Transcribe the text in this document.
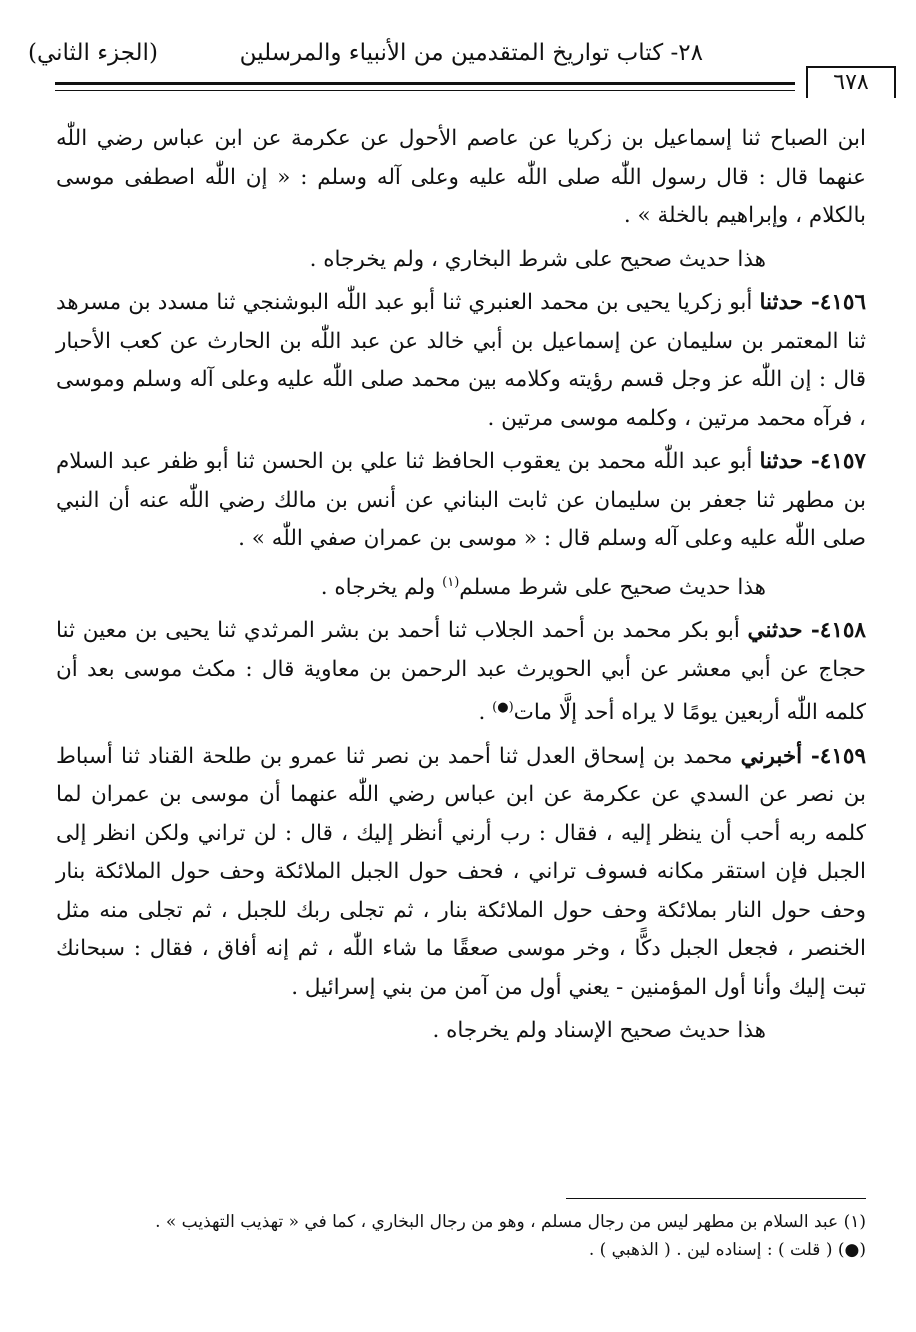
٢٨- كتاب تواريخ المتقدمين من الأنبياء والمرسلين
(الجزء الثاني)
٦٧٨

ابن الصباح ثنا إسماعيل بن زكريا عن عاصم الأحول عن عكرمة عن ابن عباس رضي اللّٰه عنهما قال : قال رسول اللّٰه صلى اللّٰه عليه وعلى آله وسلم : « إن اللّٰه اصطفى موسى بالكلام ، وإبراهيم بالخلة » .

هذا حديث صحيح على شرط البخاري ، ولم يخرجاه .

٤١٥٦- حدثنا أبو زكريا يحيى بن محمد العنبري ثنا أبو عبد اللّٰه البوشنجي ثنا مسدد بن مسرهد ثنا المعتمر بن سليمان عن إسماعيل بن أبي خالد عن عبد اللّٰه بن الحارث عن كعب الأحبار قال : إن اللّٰه عز وجل قسم رؤيته وكلامه بين محمد صلى اللّٰه عليه وعلى آله وسلم وموسى ، فرآه محمد مرتين ، وكلمه موسى مرتين .

٤١٥٧- حدثنا أبو عبد اللّٰه محمد بن يعقوب الحافظ ثنا علي بن الحسن ثنا أبو ظفر عبد السلام بن مطهر ثنا جعفر بن سليمان عن ثابت البناني عن أنس بن مالك رضي اللّٰه عنه أن النبي صلى اللّٰه عليه وعلى آله وسلم قال : « موسى بن عمران صفي اللّٰه » .

هذا حديث صحيح على شرط مسلم$^{(١)}$ ولم يخرجاه .

٤١٥٨- حدثني أبو بكر محمد بن أحمد الجلاب ثنا أحمد بن بشر المرثدي ثنا يحيى بن معين ثنا حجاج عن أبي معشر عن أبي الحويرث عبد الرحمن بن معاوية قال : مكث موسى بعد أن كلمه اللّٰه أربعين يومًا لا يراه أحد إلَّا مات(●) .

٤١٥٩- أخبرني محمد بن إسحاق العدل ثنا أحمد بن نصر ثنا عمرو بن طلحة القناد ثنا أسباط بن نصر عن السدي عن عكرمة عن ابن عباس رضي اللّٰه عنهما أن موسى بن عمران لما كلمه ربه أحب أن ينظر إليه ، فقال : رب أرني أنظر إليك ، قال : لن تراني ولكن انظر إلى الجبل فإن استقر مكانه فسوف تراني ، فحف حول الجبل الملائكة وحف حول الملائكة بنار وحف حول النار بملائكة وحف حول الملائكة بنار ، ثم تجلى ربك للجبل ، ثم تجلى منه مثل الخنصر ، فجعل الجبل دكًّا ، وخر موسى صعقًا ما شاء اللّٰه ، ثم إنه أفاق ، فقال : سبحانك تبت إليك وأنا أول المؤمنين - يعني أول من آمن من بني إسرائيل .

هذا حديث صحيح الإسناد ولم يخرجاه .

(١) عبد السلام بن مطهر ليس من رجال مسلم ، وهو من رجال البخاري ، كما في « تهذيب التهذيب » .

(●) ( قلت ) : إسناده لين . ( الذهبي ) .
